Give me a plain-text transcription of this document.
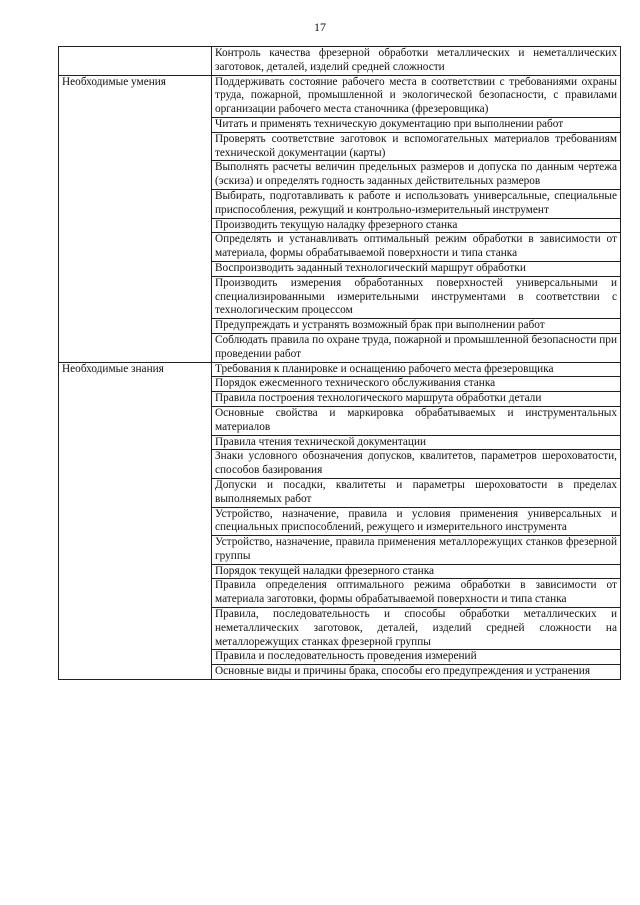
17
	Контроль качества фрезерной обработки металлических и неметаллических заготовок, деталей, изделий средней сложности
Необходимые умения	Поддерживать состояние рабочего места в соответствии с требованиями охраны труда, пожарной, промышленной и экологической безопасности, с правилами организации рабочего места станочника (фрезеровщика)
	Читать и применять техническую документацию при выполнении работ
	Проверять соответствие заготовок и вспомогательных материалов требованиям технической документации (карты)
	Выполнять расчеты величин предельных размеров и допуска по данным чертежа (эскиза) и определять годность заданных действительных размеров
	Выбирать, подготавливать к работе и использовать универсальные, специальные приспособления, режущий и контрольно-измерительный инструмент
	Производить текущую наладку фрезерного станка
	Определять и устанавливать оптимальный режим обработки в зависимости от материала, формы обрабатываемой поверхности и типа станка
	Воспроизводить заданный технологический маршрут обработки
	Производить измерения обработанных поверхностей универсальными и специализированными измерительными инструментами в соответствии с технологическим процессом
	Предупреждать и устранять возможный брак при выполнении работ
	Соблюдать правила по охране труда, пожарной и промышленной безопасности при проведении работ
Необходимые знания	Требования к планировке и оснащению рабочего места фрезеровщика
	Порядок ежесменного технического обслуживания станка
	Правила построения технологического маршрута обработки детали
	Основные свойства и маркировка обрабатываемых и инструментальных материалов
	Правила чтения технической документации
	Знаки условного обозначения допусков, квалитетов, параметров шероховатости, способов базирования
	Допуски и посадки, квалитеты и параметры шероховатости в пределах выполняемых работ
	Устройство, назначение, правила и условия применения универсальных и специальных приспособлений, режущего и измерительного инструмента
	Устройство, назначение, правила применения металлорежущих станков фрезерной группы
	Порядок текущей наладки фрезерного станка
	Правила определения оптимального режима обработки в зависимости от материала заготовки, формы обрабатываемой поверхности и типа станка
	Правила, последовательность и способы обработки металлических и неметаллических заготовок, деталей, изделий средней сложности на металлорежущих станках фрезерной группы
	Правила и последовательность проведения измерений
	Основные виды и причины брака, способы его предупреждения и устранения
